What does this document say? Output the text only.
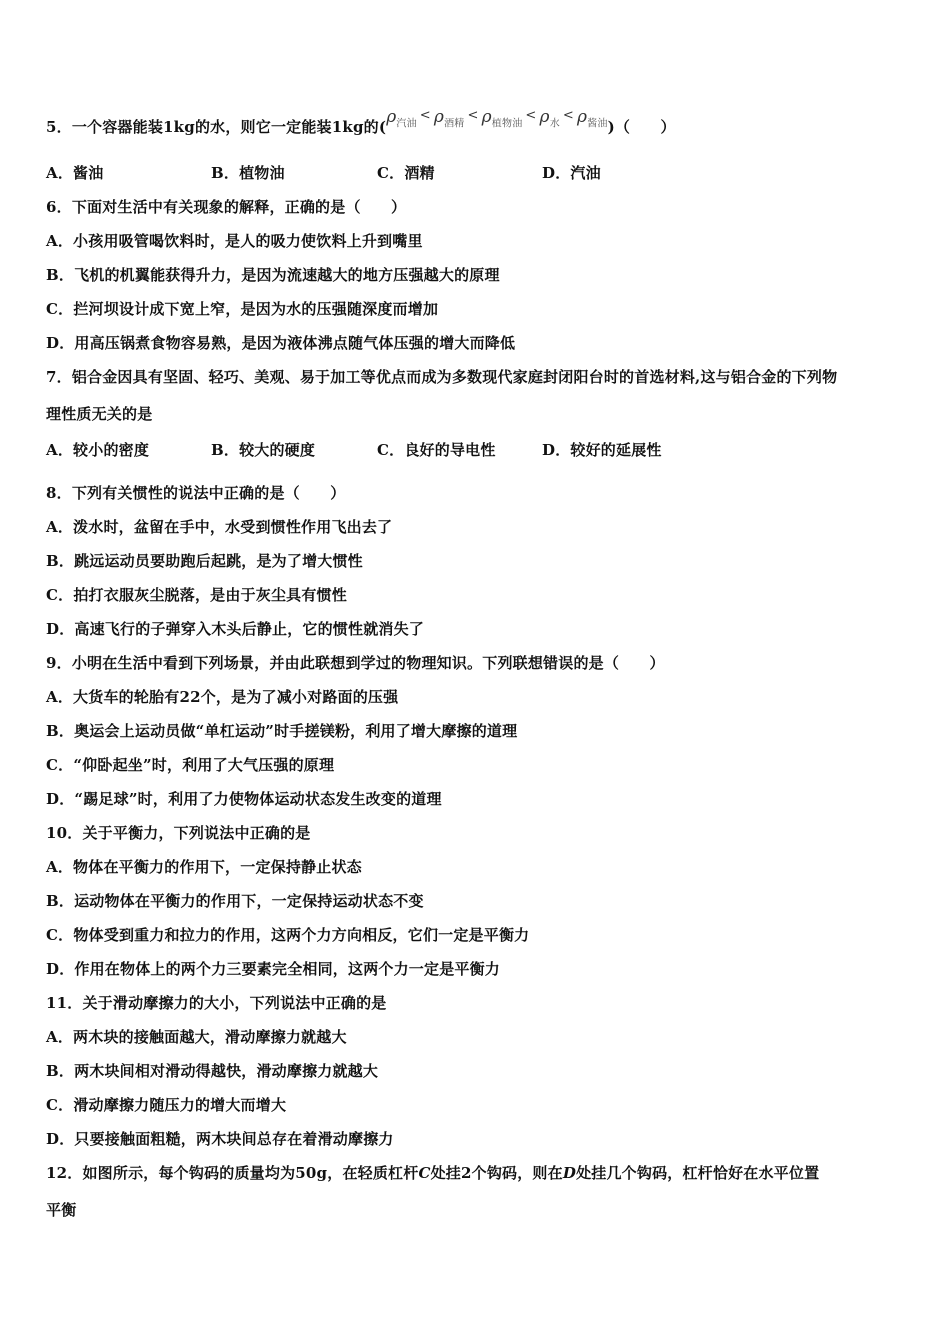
5．一个容器能装1kg的水，则它一定能装1kg的$(\rho_{汽油}< \rho_{酒精}< \rho_{植物油}< \rho_水< \rho_{酱油})$（　　）
A．酱油	B．植物油	C．酒精	D．汽油
6．下面对生活中有关现象的解释，正确的是（　　）
A．小孩用吸管喝饮料时，是人的吸力使饮料上升到嘴里
B．飞机的机翼能获得升力，是因为流速越大的地方压强越大的原理
C．拦河坝设计成下宽上窄，是因为水的压强随深度而增加
D．用高压锅煮食物容易熟，是因为液体沸点随气体压强的增大而降低
7．铝合金因具有坚固、轻巧、美观、易于加工等优点而成为多数现代家庭封闭阳台时的首选材料,这与铝合金的下列物
理性质无关的是
A．较小的密度	B．较大的硬度	C．良好的导电性	D．较好的延展性
8．下列有关惯性的说法中正确的是（　　）
A．泼水时，盆留在手中，水受到惯性作用飞出去了
B．跳远运动员要助跑后起跳，是为了增大惯性
C．拍打衣服灰尘脱落，是由于灰尘具有惯性
D．高速飞行的子弹穿入木头后静止，它的惯性就消失了
9．小明在生活中看到下列场景，并由此联想到学过的物理知识。下列联想错误的是（　　）
A．大货车的轮胎有22个，是为了减小对路面的压强
B．奥运会上运动员做“单杠运动”时手搓镁粉，利用了增大摩擦的道理
C．“仰卧起坐”时，利用了大气压强的原理
D．“踢足球”时，利用了力使物体运动状态发生改变的道理
10．关于平衡力，下列说法中正确的是
A．物体在平衡力的作用下，一定保持静止状态
B．运动物体在平衡力的作用下，一定保持运动状态不变
C．物体受到重力和拉力的作用，这两个力方向相反，它们一定是平衡力
D．作用在物体上的两个力三要素完全相同，这两个力一定是平衡力
11．关于滑动摩擦力的大小，下列说法中正确的是
A．两木块的接触面越大，滑动摩擦力就越大
B．两木块间相对滑动得越快，滑动摩擦力就越大
C．滑动摩擦力随压力的增大而增大
D．只要接触面粗糙，两木块间总存在着滑动摩擦力
12．如图所示，每个钩码的质量均为50g，在轻质杠杆C处挂2个钩码，则在D处挂几个钩码，杠杆恰好在水平位置
平衡
